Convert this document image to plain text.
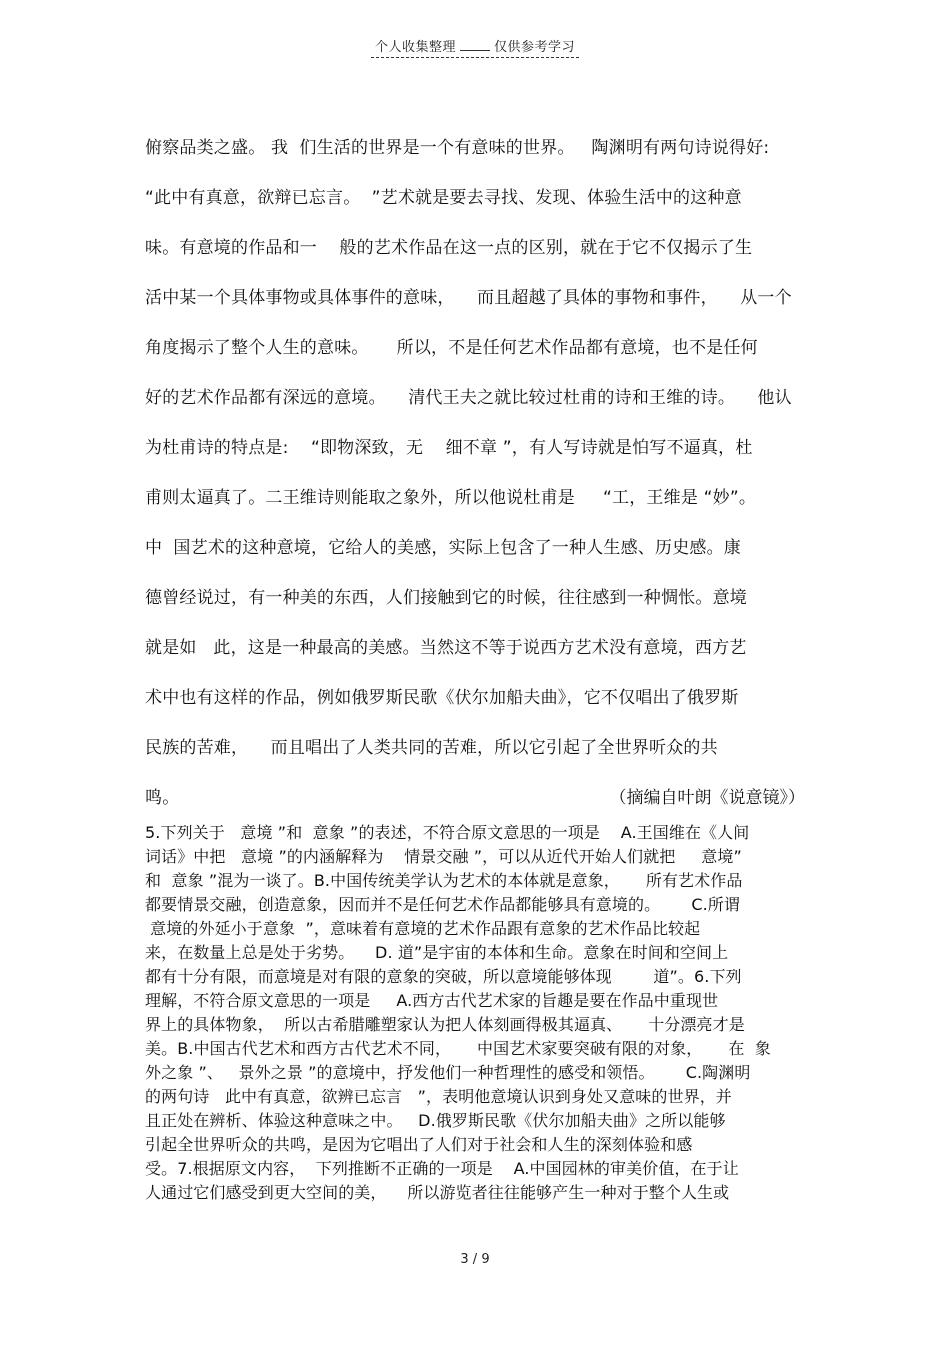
个人收集整理	仅供参考学习
俯察品类之盛。 我  们生活的世界是一个有意味的世界。   陶渊明有两句诗说得好:
“此中有真意，欲辩已忘言。  ”艺术就是要去寻找、发现、体验生活中的这种意
味。有意境的作品和一    般的艺术作品在这一点的区别，就在于它不仅揭示了生
活中某一个具体事物或具体事件的意味，    而且超越了具体的事物和事件，    从一个
角度揭示了整个人生的意味。     所以，不是任何艺术作品都有意境，也不是任何
好的艺术作品都有深远的意境。    清代王夫之就比较过杜甫的诗和王维的诗。    他认
为杜甫诗的特点是:    “即物深致，无    细不章 ”，有人写诗就是怕写不逼真，杜
甫则太逼真了。二王维诗则能取之象外，所以他说杜甫是     “工，王维是 “妙”。
中  国艺术的这种意境，它给人的美感，实际上包含了一种人生感、历史感。康
德曾经说过，有一种美的东西，人们接触到它的时候，往往感到一种惆怅。意境
就是如   此，这是一种最高的美感。当然这不等于说西方艺术没有意境，西方艺
术中也有这样的作品，例如俄罗斯民歌《伏尔加船夫曲》，它不仅唱出了俄罗斯
民族的苦难，    而且唱出了人类共同的苦难，所以它引起了全世界听众的共
鸣。	（摘编自叶朗《说意镜》）
5.下列关于   意境 ”和  意象 ”的表述，不符合原文意思的一项是    A.王国维在《人间
词话》中把   意境 ”的内涵解释为    情景交融 ”，可以从近代开始人们就把     意境”
和  意象 ”混为一谈了。B.中国传统美学认为艺术的本体就是意象，     所有艺术作品
都要情景交融，创造意象，因而并不是任何艺术作品都能够具有意境的。      C.所谓
意境的外延小于意象  ”，意味着有意境的艺术作品跟有意象的艺术作品比较起
来，在数量上总是处于劣势。    D. 道”是宇宙的本体和生命。意象在时间和空间上
都有十分有限，而意境是对有限的意象的突破，所以意境能够体现        道”。6.下列
理解，不符合原文意思的一项是     A.西方古代艺术家的旨趣是要在作品中重现世
界上的具体物象，  所以古希腊雕塑家认为把人体刻画得极其逼真、     十分漂亮才是
美。B.中国古代艺术和西方古代艺术不同，     中国艺术家要突破有限的对象，     在  象
外之象 ”、   景外之景 ”的意境中，抒发他们一种哲理性的感受和领悟。      C.陶渊明
的两句诗   此中有真意，欲辨已忘言   ”，表明他意境认识到身处又意味的世界，并
且正处在辨析、体验这种意味之中。   D.俄罗斯民歌《伏尔加船夫曲》之所以能够
引起全世界听众的共鸣，是因为它唱出了人们对于社会和人生的深刻体验和感
受。7.根据原文内容，  下列推断不正确的一项是    A.中国园林的审美价值，在于让
人通过它们感受到更大空间的美，    所以游览者往往能够产生一种对于整个人生或
3 / 9
